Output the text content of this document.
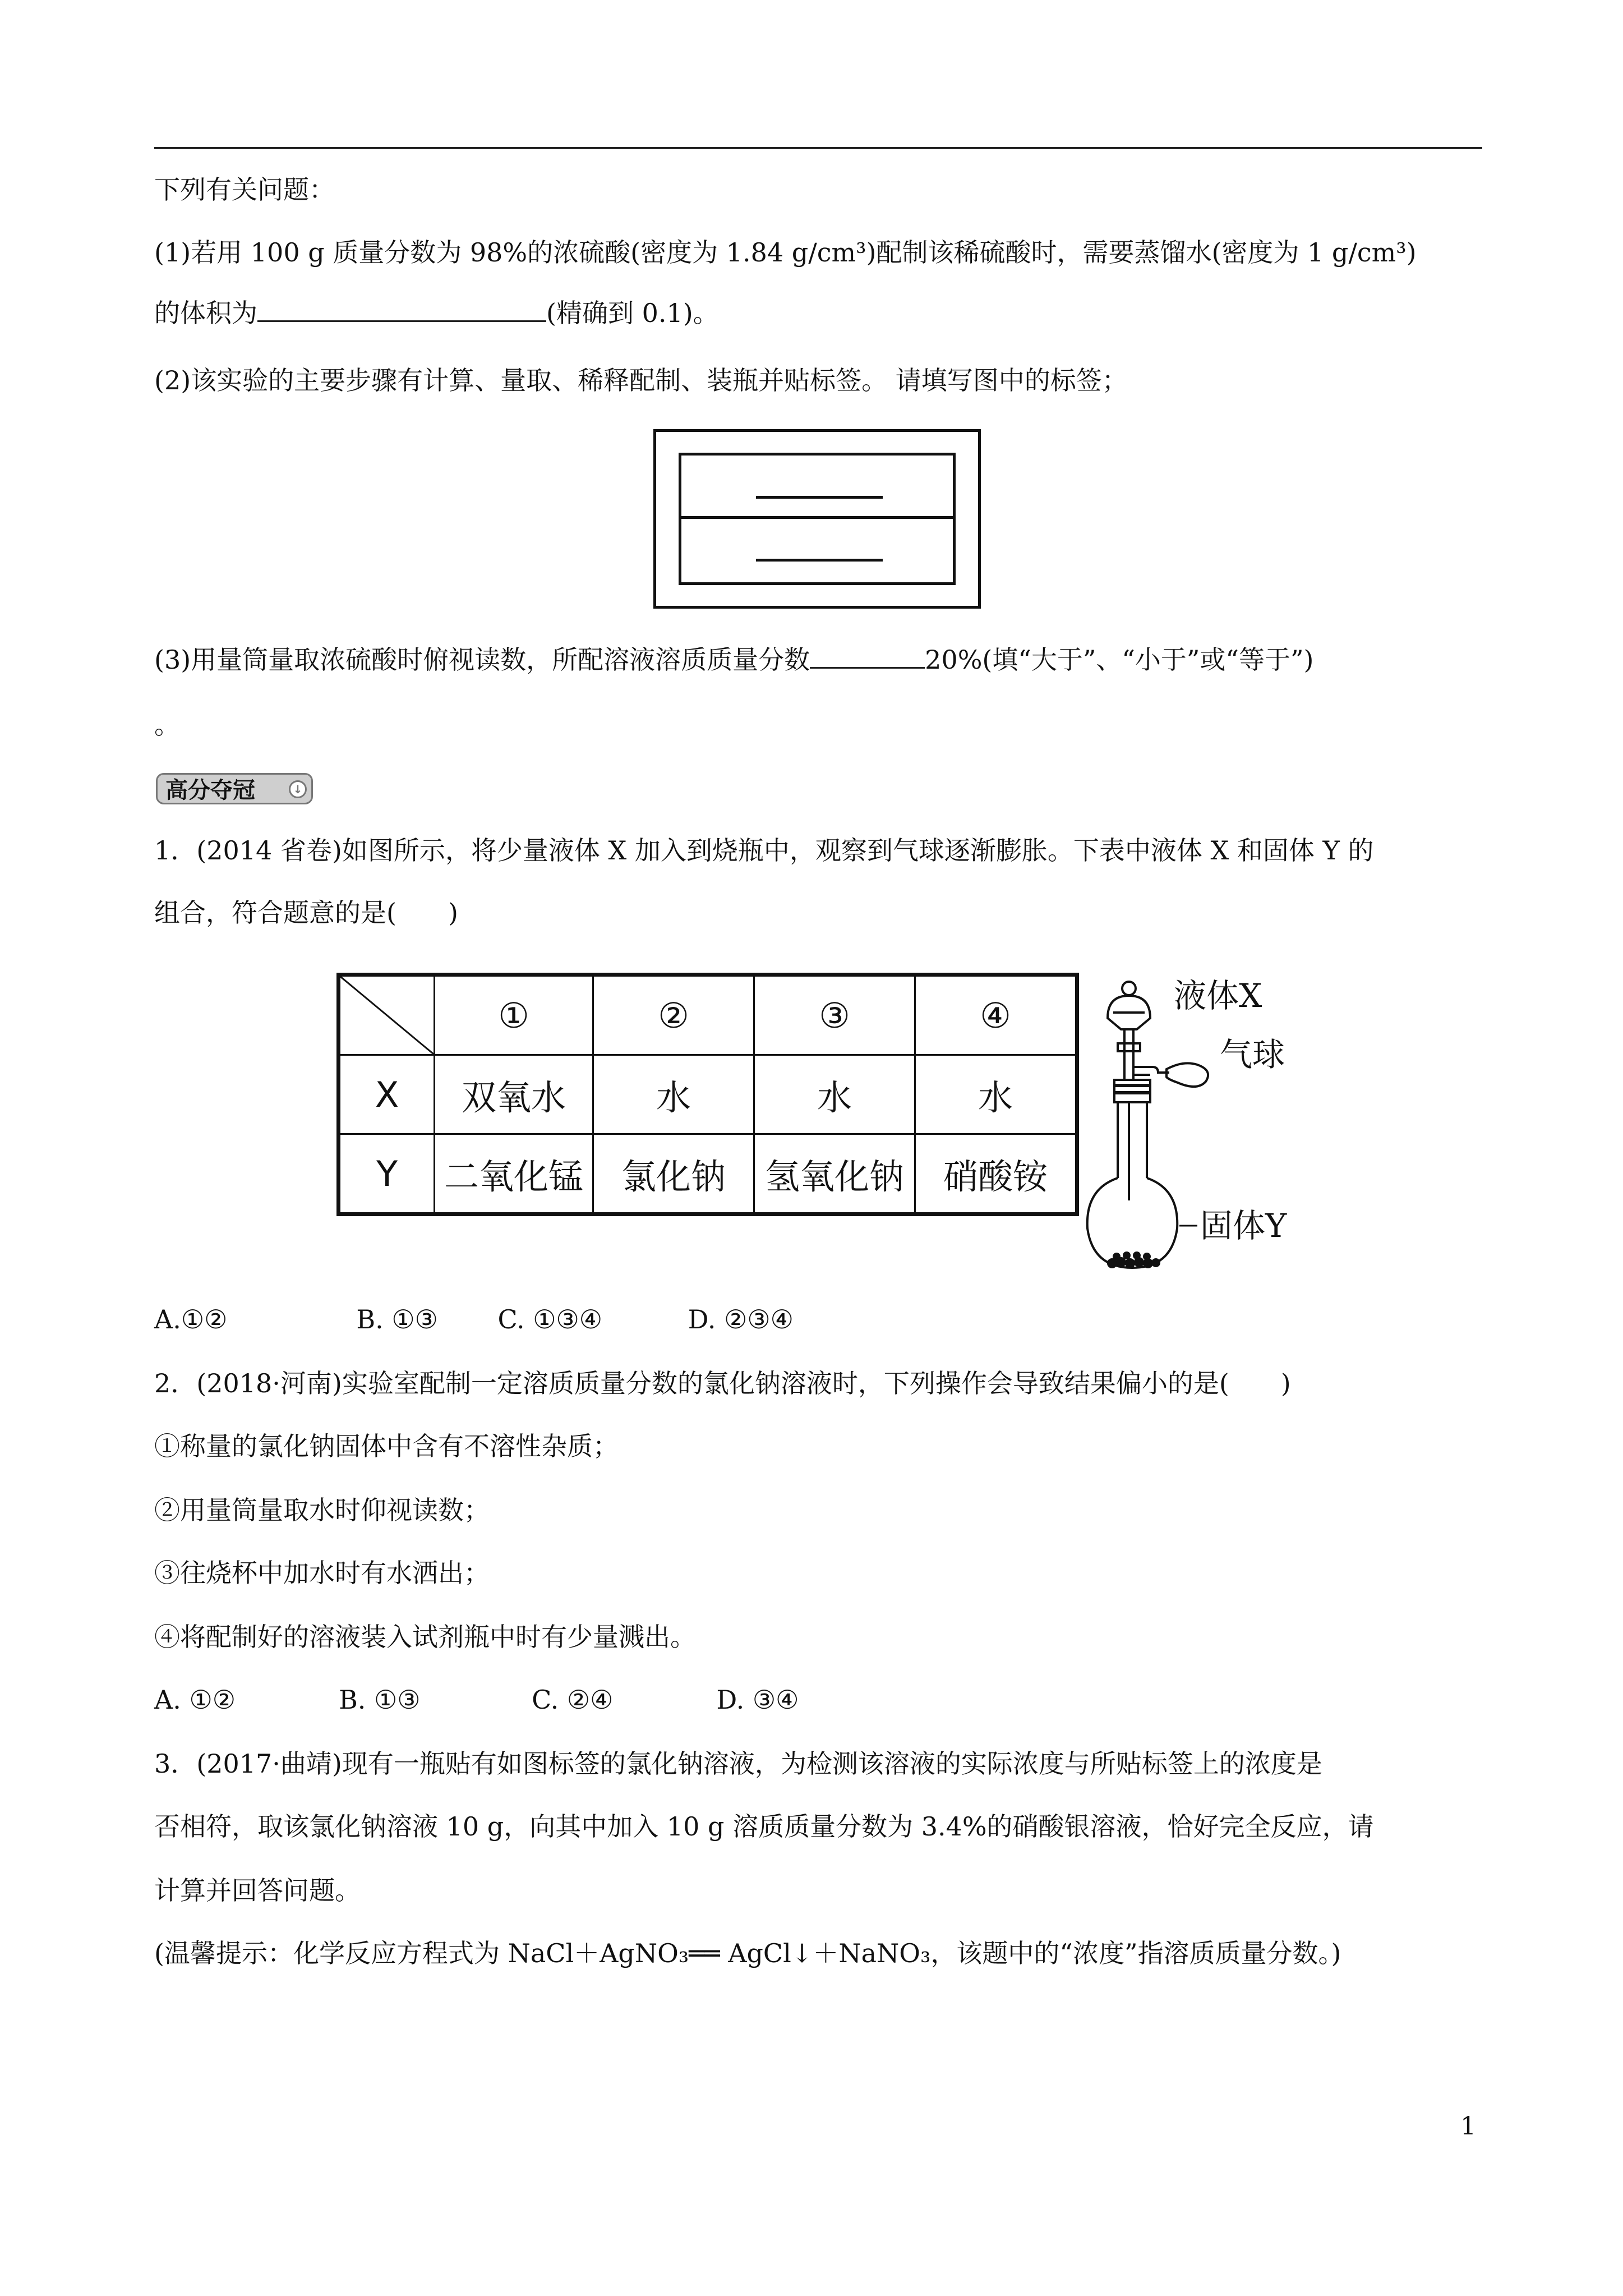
下列有关问题：
(1)若用 100 g 质量分数为 98%的浓硫酸(密度为 1.84 g/cm³)配制该稀硫酸时，需要蒸馏水(密度为 1 g/cm³)
的体积为	(精确到 0.1)。
(2)该实验的主要步骤有计算、量取、稀释配制、装瓶并贴标签。 请填写图中的标签；
(3)用量筒量取浓硫酸时俯视读数，所配溶液溶质质量分数	20%(填“大于”、“小于”或“等于”)
。
高分夺冠	↓
1．(2014 省卷)如图所示，将少量液体 X 加入到烧瓶中，观察到气球逐渐膨胀。下表中液体 X 和固体 Y 的
组合，符合题意的是(　　)
	①	②	③	④
X	双氧水	水	水	水
Y	二氧化锰	氯化钠	氢氧化钠	硝酸铵
液体X
气球
固体Y
A.①②　　　　　B. ①③　　 C. ①③④　　　 D. ②③④
2．(2018·河南)实验室配制一定溶质质量分数的氯化钠溶液时，下列操作会导致结果偏小的是(　　)
①称量的氯化钠固体中含有不溶性杂质；
②用量筒量取水时仰视读数；
③往烧杯中加水时有水洒出；
④将配制好的溶液装入试剂瓶中时有少量溅出。
A. ①②　　　　B. ①③　　　　 C. ②④　　　　D. ③④
3．(2017·曲靖)现有一瓶贴有如图标签的氯化钠溶液，为检测该溶液的实际浓度与所贴标签上的浓度是
否相符，取该氯化钠溶液 10 g，向其中加入 10 g 溶质质量分数为 3.4%的硝酸银溶液，恰好完全反应，请
计算并回答问题。
(温馨提示：化学反应方程式为 NaCl＋AgNO₃══ AgCl↓＋NaNO₃，该题中的“浓度”指溶质质量分数。)
1
